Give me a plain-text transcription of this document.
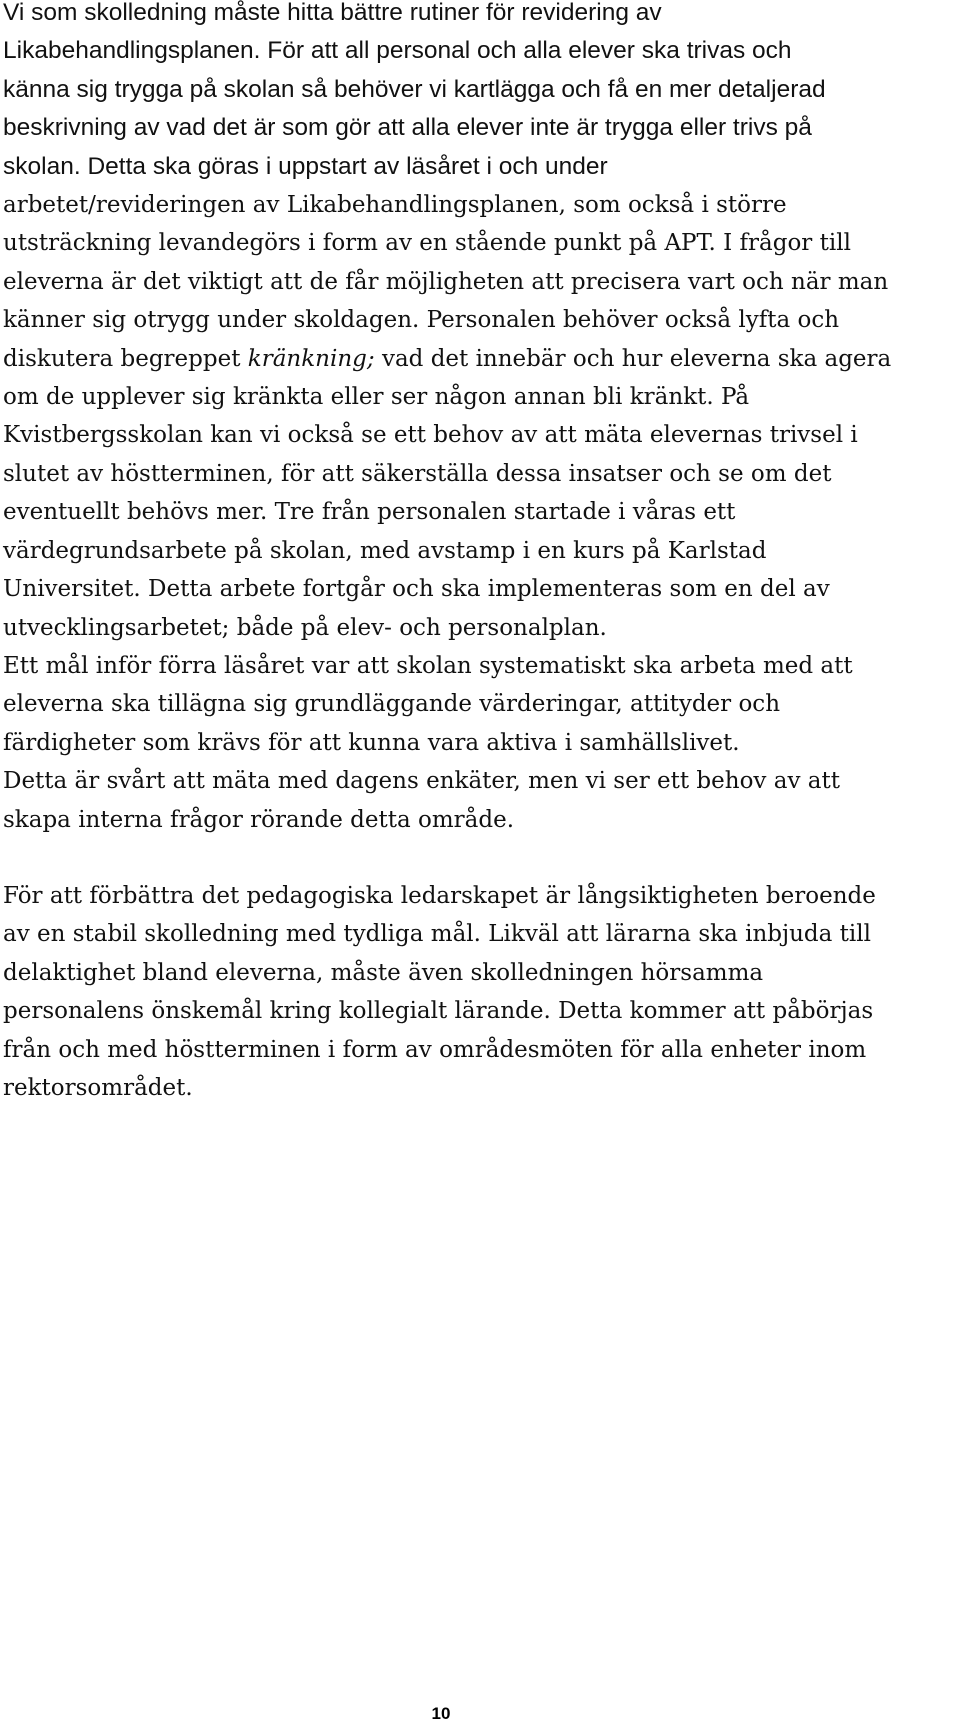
Vi som skolledning måste hitta bättre rutiner för revidering av
Likabehandlingsplanen. För att all personal och alla elever ska trivas och
känna sig trygga på skolan så behöver vi kartlägga och få en mer detaljerad
beskrivning av vad det är som gör att alla elever inte är trygga eller trivs på
skolan. Detta ska göras i uppstart av läsåret i och under
arbetet/revideringen av Likabehandlingsplanen, som också i större
utsträckning levandegörs i form av en stående punkt på APT. I frågor till
eleverna är det viktigt att de får möjligheten att precisera vart och när man
känner sig otrygg under skoldagen. Personalen behöver också lyfta och
diskutera begreppet kränkning; vad det innebär och hur eleverna ska agera
om de upplever sig kränkta eller ser någon annan bli kränkt. På
Kvistbergsskolan kan vi också se ett behov av att mäta elevernas trivsel i
slutet av höstterminen, för att säkerställa dessa insatser och se om det
eventuellt behövs mer. Tre från personalen startade i våras ett
värdegrundsarbete på skolan, med avstamp i en kurs på Karlstad
Universitet. Detta arbete fortgår och ska implementeras som en del av
utvecklingsarbetet; både på elev- och personalplan.
Ett mål inför förra läsåret var att skolan systematiskt ska arbeta med att
eleverna ska tillägna sig grundläggande värderingar, attityder och
färdigheter som krävs för att kunna vara aktiva i samhällslivet.
Detta är svårt att mäta med dagens enkäter, men vi ser ett behov av att
skapa interna frågor rörande detta område.
För att förbättra det pedagogiska ledarskapet är långsiktigheten beroende
av en stabil skolledning med tydliga mål. Likväl att lärarna ska inbjuda till
delaktighet bland eleverna, måste även skolledningen hörsamma
personalens önskemål kring kollegialt lärande. Detta kommer att påbörjas
från och med höstterminen i form av områdesmöten för alla enheter inom
rektorsområdet.
10
